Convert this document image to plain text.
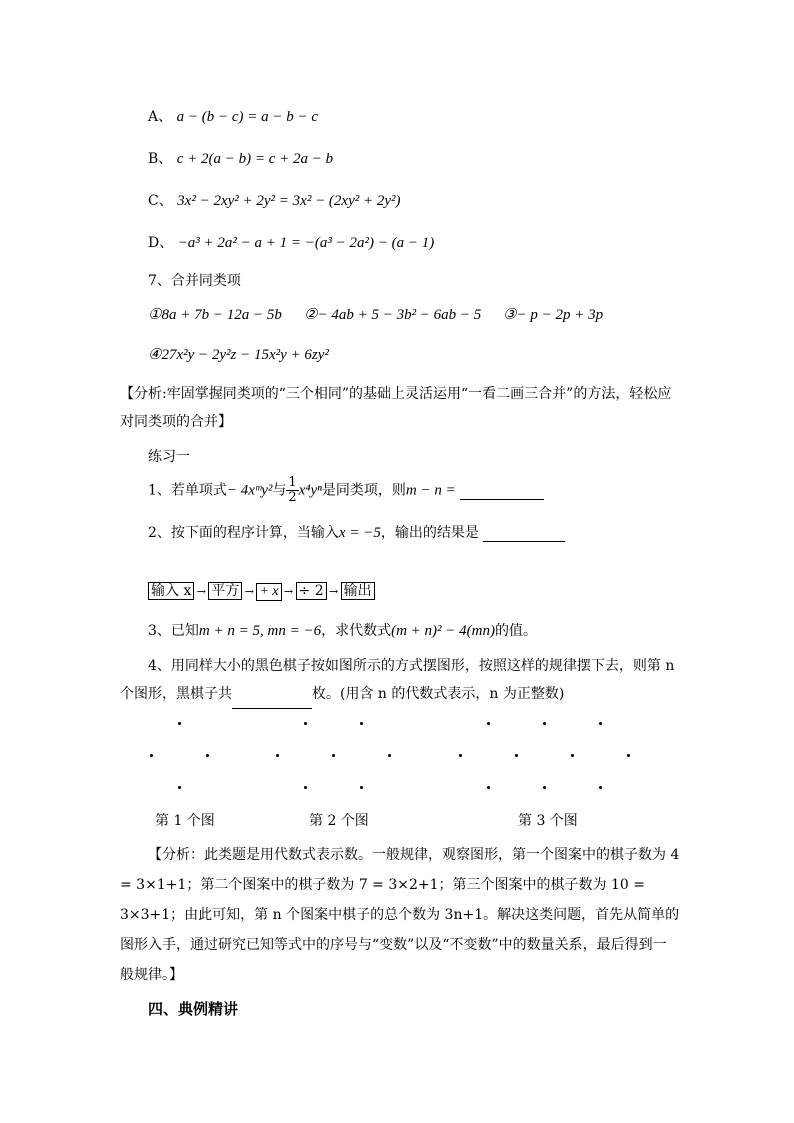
A、 a − (b − c) = a − b − c
B、 c + 2(a − b) = c + 2a − b
C、 3x² − 2xy² + 2y² = 3x² − (2xy² + 2y²)
D、 −a³ + 2a² − a + 1 = −(a³ − 2a²) − (a − 1)
7、合并同类项
①8a + 7b − 12a − 5b ②− 4ab + 5 − 3b² − 6ab − 5 ③− p − 2p + 3p
④27x²y − 2y²z − 15x²y + 6zy²
【分析:牢固掌握同类项的“三个相同”的基础上灵活运用“一看二画三合并”的方法，轻松应对同类项的合并】
练习一
1、若单项式− 4xᵐy²与 $\frac{1}{2} x^4y^n$是同类项，则m − n =
2、按下面的程序计算，当输入x = −5，输出的结果是
输入 x → 平方 → + x → ÷ 2 → 输出
3、已知m + n = 5, mn = −6，求代数式(m + n)² − 4(mn)的值。
4、用同样大小的黑色棋子按如图所示的方式摆图形，按照这样的规律摆下去，则第 n 个图形，黑棋子共	枚。(用含 n 的代数式表示，n 为正整数)
第 1 个图	第 2 个图	第 3 个图
【分析：此类题是用代数式表示数。一般规律，观察图形，第一个图案中的棋子数为 4 = 3×1+1；第二个图案中的棋子数为 7 = 3×2+1；第三个图案中的棋子数为 10 = 3×3+1；由此可知，第 n 个图案中棋子的总个数为 3n+1。解决这类问题，首先从简单的图形入手，通过研究已知等式中的序号与“变数”以及“不变数”中的数量关系，最后得到一般规律。】
四、典例精讲
